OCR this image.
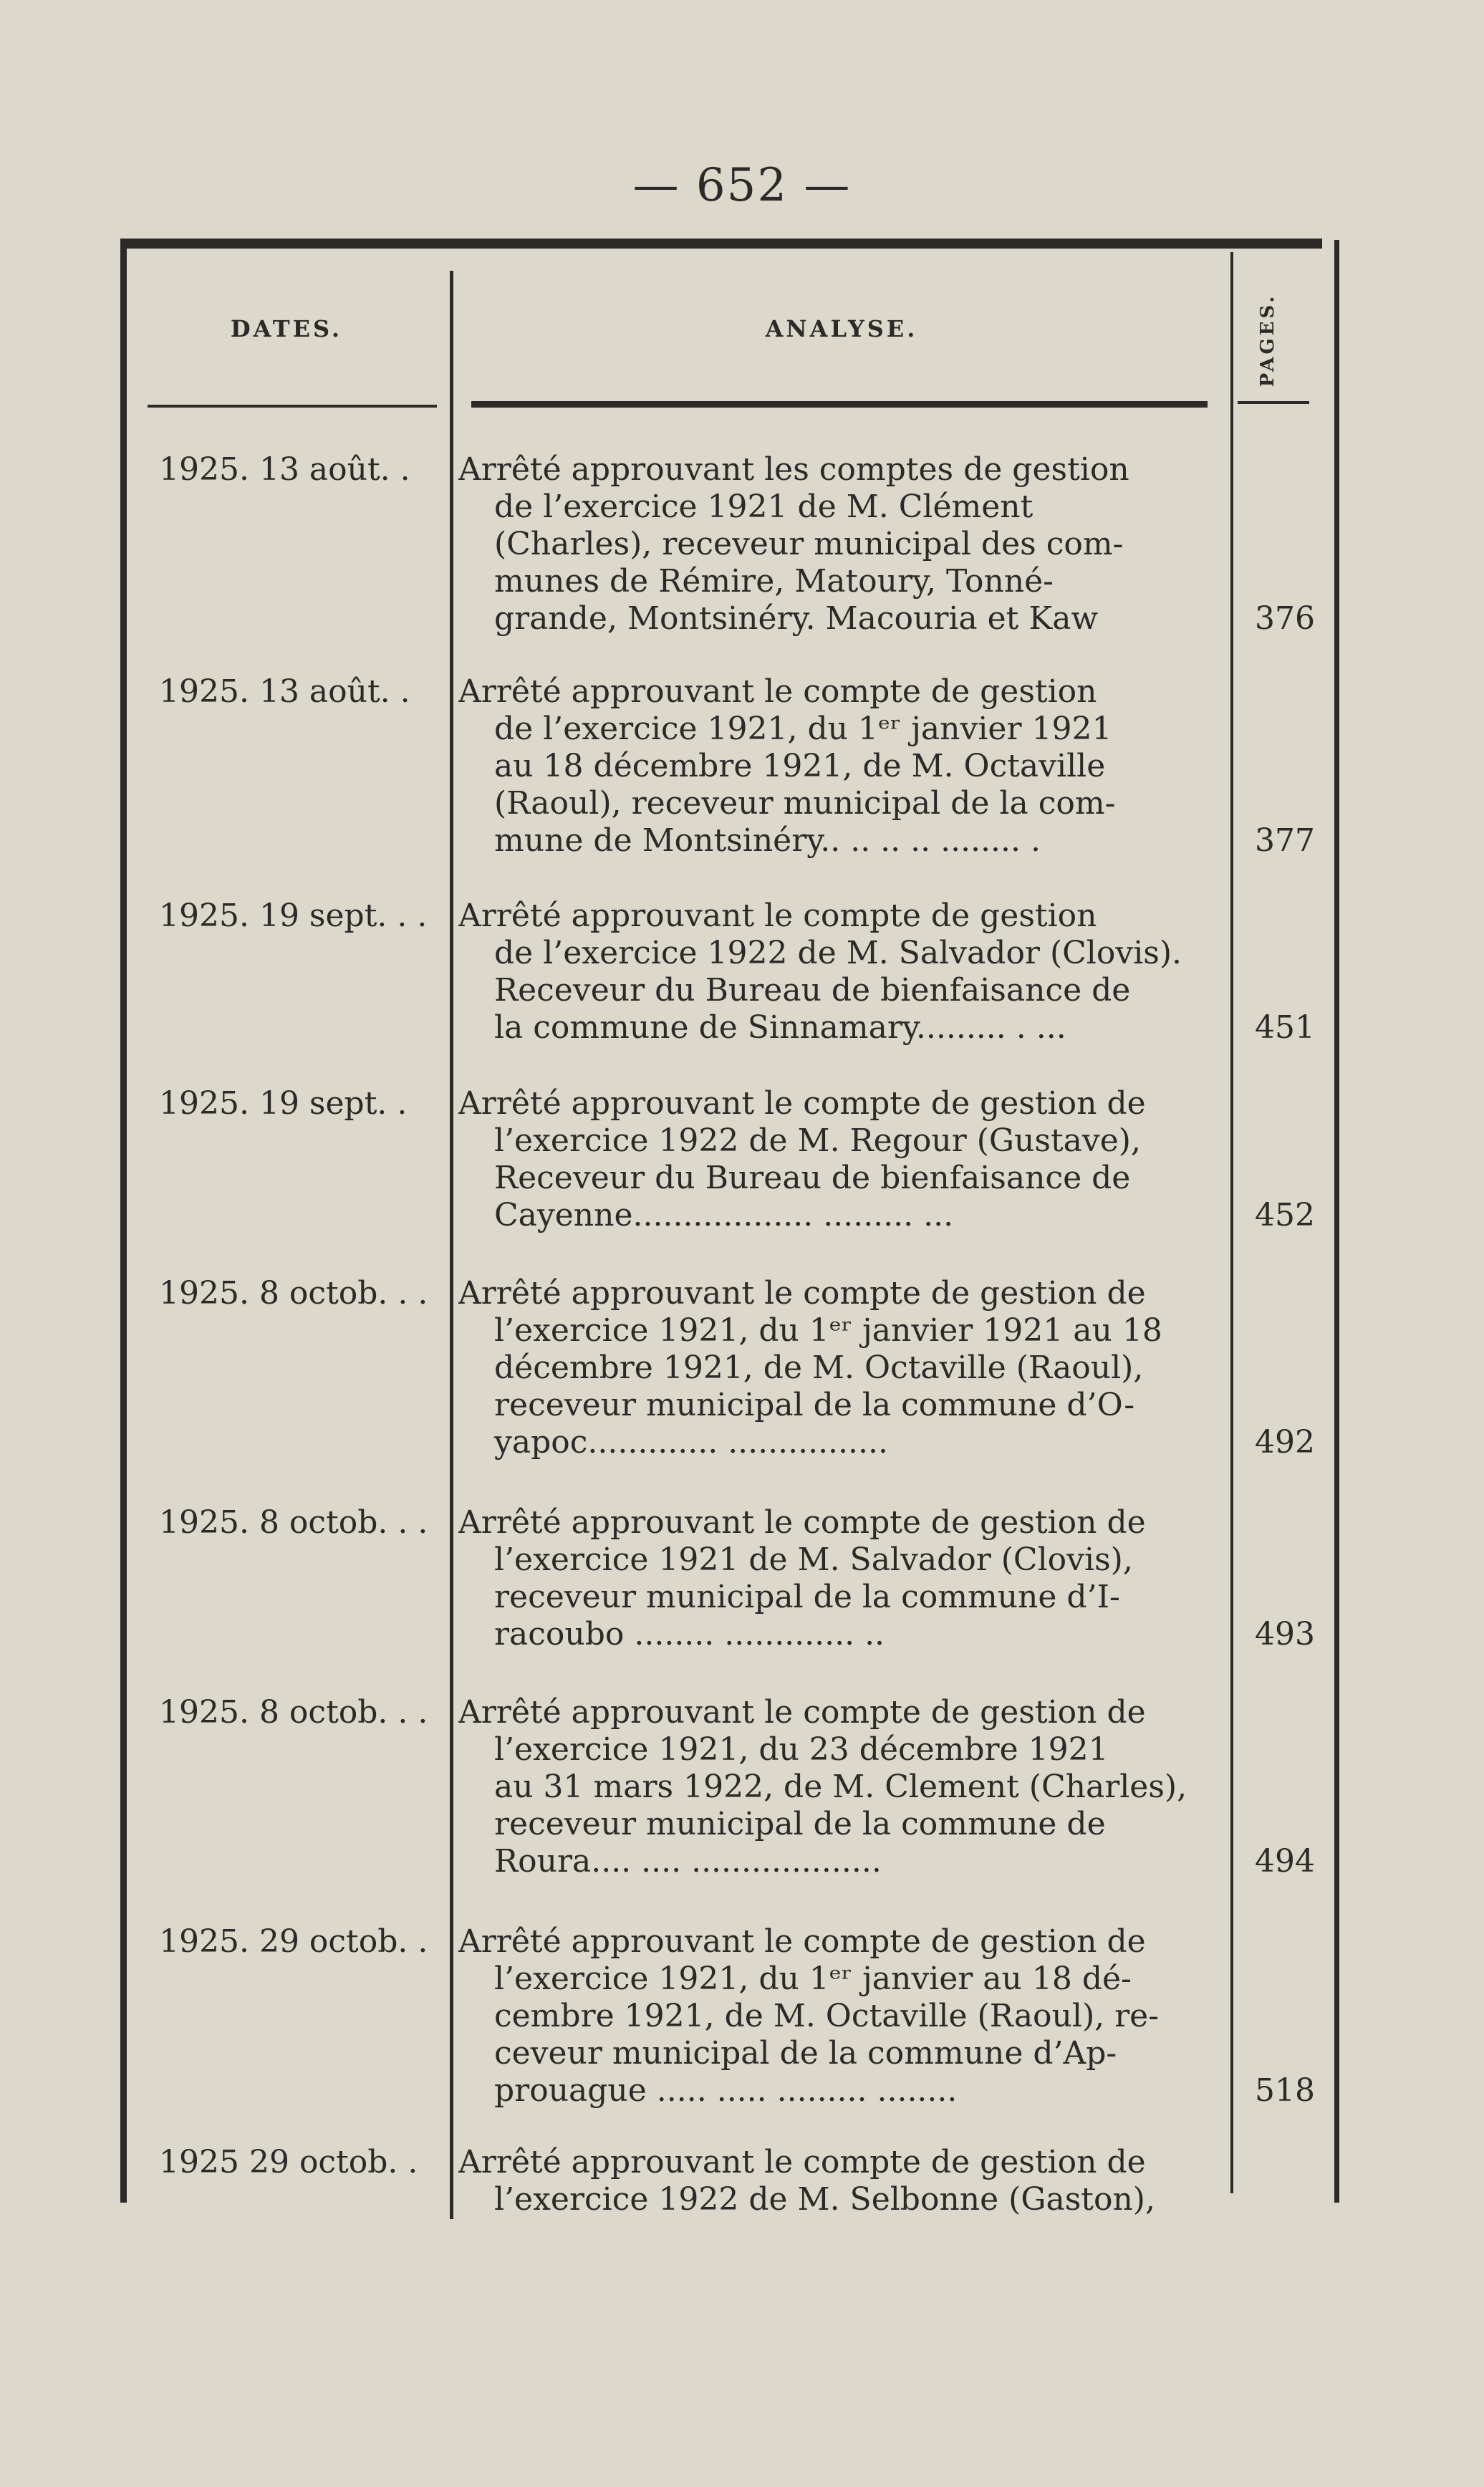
— 652 —
DATES.	ANALYSE.	PAGES.
1925. 13 août. .	Arrêté approuvant les comptes de gestion
de l’exercice 1921 de M. Clément
(Charles), receveur municipal des com-
munes de Rémire, Matoury, Tonné-
grande, Montsinéry. Macouria et Kaw	376
1925. 13 août. .	Arrêté approuvant le compte de gestion
de l’exercice 1921, du 1ᵉʳ janvier 1921
au 18 décembre 1921, de M. Octaville
(Raoul), receveur municipal de la com-
mune de Montsinéry.. .. .. .. ........ .	377
1925. 19 sept. . . Arrêté approuvant le compte de gestion
de l’exercice 1922 de M. Salvador (Clovis).
Receveur du Bureau de bienfaisance de
la commune de Sinnamary......... . ...	451
1925. 19 sept. .	Arrêté approuvant le compte de gestion de
l’exercice 1922 de M. Regour (Gustave),
Receveur du Bureau de bienfaisance de
Cayenne.................. ......... ...	452
1925. 8 octob. . . Arrêté approuvant le compte de gestion de
l’exercice 1921, du 1ᵉʳ janvier 1921 au 18
décembre 1921, de M. Octaville (Raoul),
receveur municipal de la commune d’O-
yapoc............. ................	492
1925. 8 octob. . . Arrêté approuvant le compte de gestion de
l’exercice 1921 de M. Salvador (Clovis),
receveur municipal de la commune d’I-
racoubo ........ ............. ..	493
1925. 8 octob. . . Arrêté approuvant le compte de gestion de
l’exercice 1921, du 23 décembre 1921
au 31 mars 1922, de M. Clement (Charles),
receveur municipal de la commune de
Roura.... .... ...................	494
1925. 29 octob. . Arrêté approuvant le compte de gestion de
l’exercice 1921, du 1ᵉʳ janvier au 18 dé-
cembre 1921, de M. Octaville (Raoul), re-
ceveur municipal de la commune d’Ap-
prouague ..... ..... ......... ........	518
1925 29 octob. .	Arrêté approuvant le compte de gestion de
l’exercice 1922 de M. Selbonne (Gaston),
